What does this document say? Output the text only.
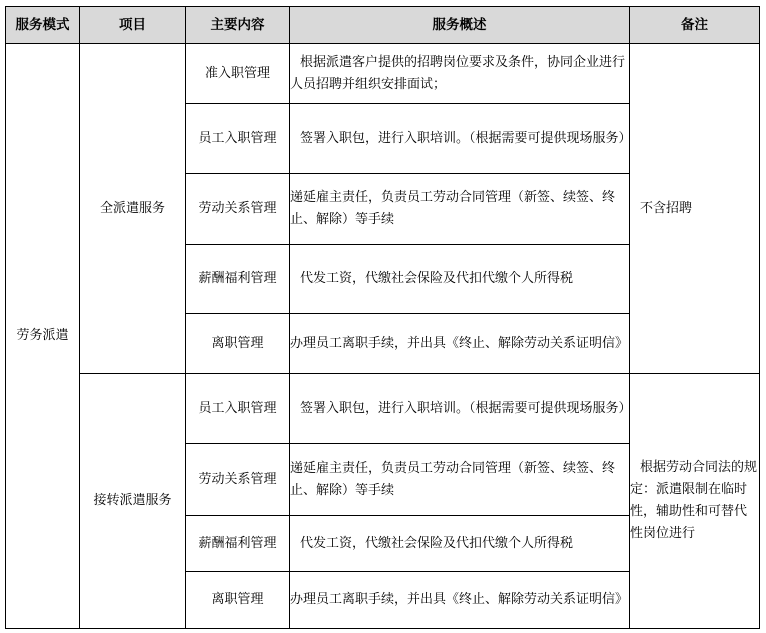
服务模式	项目	主要内容	服务概述	备注
劳务派遣	全派遣服务	准入职管理	根据派遣客户提供的招聘岗位要求及条件，协同企业进行人员招聘并组织安排面试；	不含招聘
		员工入职管理	签署入职包，进行入职培训。（根据需要可提供现场服务）	
		劳动关系管理	递延雇主责任，负责员工劳动合同管理（新签、续签、终止、解除）等手续	
		薪酬福利管理	代发工资，代缴社会保险及代扣代缴个人所得税	
		离职管理	办理员工离职手续，并出具《终止、解除劳动关系证明信》	
	接转派遣服务	员工入职管理	签署入职包，进行入职培训。（根据需要可提供现场服务）	根据劳动合同法的规定：派遣限制在临时性，辅助性和可替代性岗位进行
		劳动关系管理	递延雇主责任，负责员工劳动合同管理（新签、续签、终止、解除）等手续	
		薪酬福利管理	代发工资，代缴社会保险及代扣代缴个人所得税	
		离职管理	办理员工离职手续，并出具《终止、解除劳动关系证明信》	
